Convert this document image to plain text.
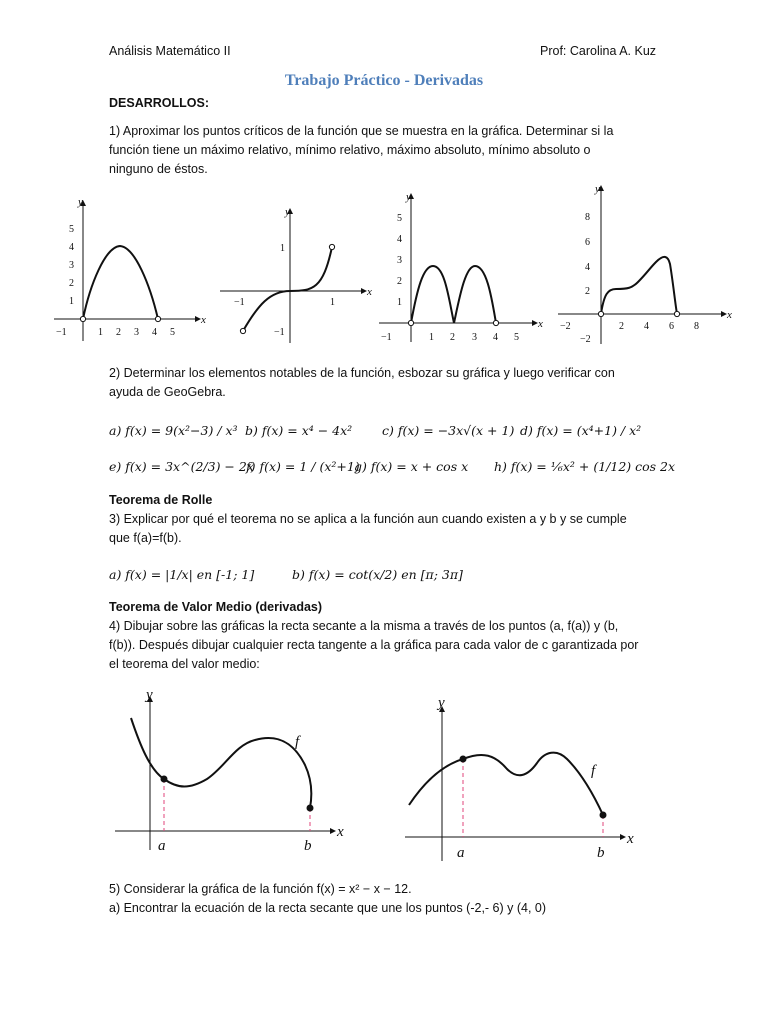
Análisis Matemático II	Prof: Carolina A. Kuz
Trabajo Práctico - Derivadas
DESARROLLOS:
1) Aproximar los puntos críticos de la función que se muestra en la gráfica. Determinar si la
función tiene un máximo relativo, mínimo relativo, máximo absoluto, mínimo absoluto o
ninguno de éstos.
x
y
−1	1 2 3 4 5
1
2
3
4
5
x
y
−1	1
1
−1
x
y
−1	1 2 3 4 5
1
2
3
4
5
x
y
−2	2 4 6 8
−2
2
4
6
8
2) Determinar los elementos notables de la función, esbozar su gráfica y luego verificar con
ayuda de GeoGebra.
a) f(x) = 9(x²−3) / x³ b) f(x) = x⁴ − 4x² c) f(x) = −3x√(x + 1) d) f(x) = (x⁴+1) / x²
e) f(x) = 3x^(2/3) − 2x
f) f(x) = 1 / (x²+1)
g) f(x) = x + cos x h) f(x) = ⅙x² + (1/12) cos 2x
Teorema de Rolle
3) Explicar por qué el teorema no se aplica a la función aun cuando existen a y b y se cumple
que f(a)=f(b).
a) f(x) = |1/x| en [-1; 1]	b) f(x) = cot(x/2) en [π; 3π]
Teorema de Valor Medio (derivadas)
4) Dibujar sobre las gráficas la recta secante a la misma a través de los puntos (a, f(a)) y (b,
f(b)). Después dibujar cualquier recta tangente a la gráfica para cada valor de c garantizada por
el teorema del valor medio:
x
y
f
a	b	x
y
f
a	b
5) Considerar la gráfica de la función f(x) = x² − x − 12.
a) Encontrar la ecuación de la recta secante que une los puntos (-2,- 6) y (4, 0)
